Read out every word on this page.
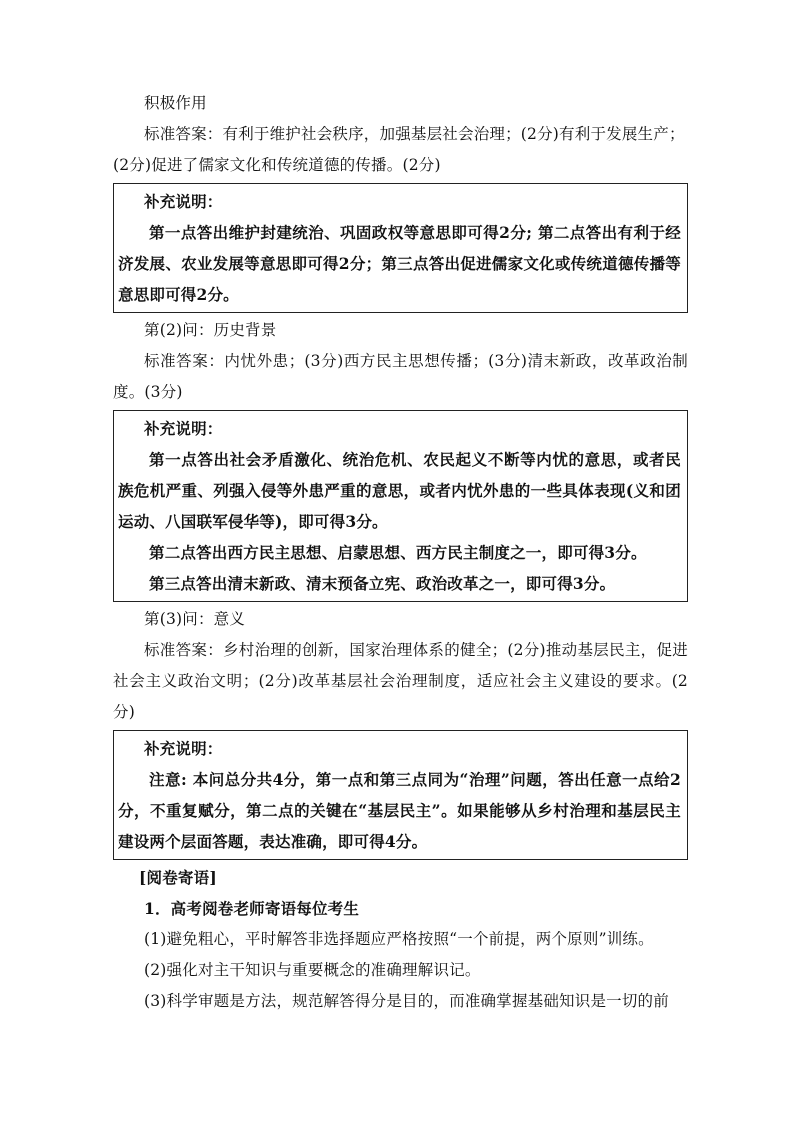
积极作用

标准答案：有利于维护社会秩序，加强基层社会治理；(2分)有利于发展生产；

(2分)促进了儒家文化和传统道德的传播。(2分)

补充说明：

第一点答出维护封建统治、巩固政权等意思即可得2分; 第二点答出有利于经济发展、农业发展等意思即可得2分；第三点答出促进儒家文化或传统道德传播等意思即可得2分。

第(2)问：历史背景

标准答案：内忧外患；(3分)西方民主思想传播；(3分)清末新政，改革政治制度。(3分)

补充说明：

第一点答出社会矛盾激化、统治危机、农民起义不断等内忧的意思，或者民族危机严重、列强入侵等外患严重的意思，或者内忧外患的一些具体表现(义和团运动、八国联军侵华等)，即可得3分。

第二点答出西方民主思想、启蒙思想、西方民主制度之一，即可得3分。

第三点答出清末新政、清末预备立宪、政治改革之一，即可得3分。

第(3)问：意义

标准答案：乡村治理的创新，国家治理体系的健全；(2分)推动基层民主，促进社会主义政治文明；(2分)改革基层社会治理制度，适应社会主义建设的要求。(2分)

补充说明：

注意: 本问总分共4分，第一点和第三点同为“治理”问题，答出任意一点给2分，不重复赋分，第二点的关键在“基层民主”。如果能够从乡村治理和基层民主建设两个层面答题，表达准确，即可得4分。

[阅卷寄语]

1．高考阅卷老师寄语每位考生

(1)避免粗心，平时解答非选择题应严格按照“一个前提，两个原则”训练。

(2)强化对主干知识与重要概念的准确理解识记。

(3)科学审题是方法，规范解答得分是目的，而准确掌握基础知识是一切的前
